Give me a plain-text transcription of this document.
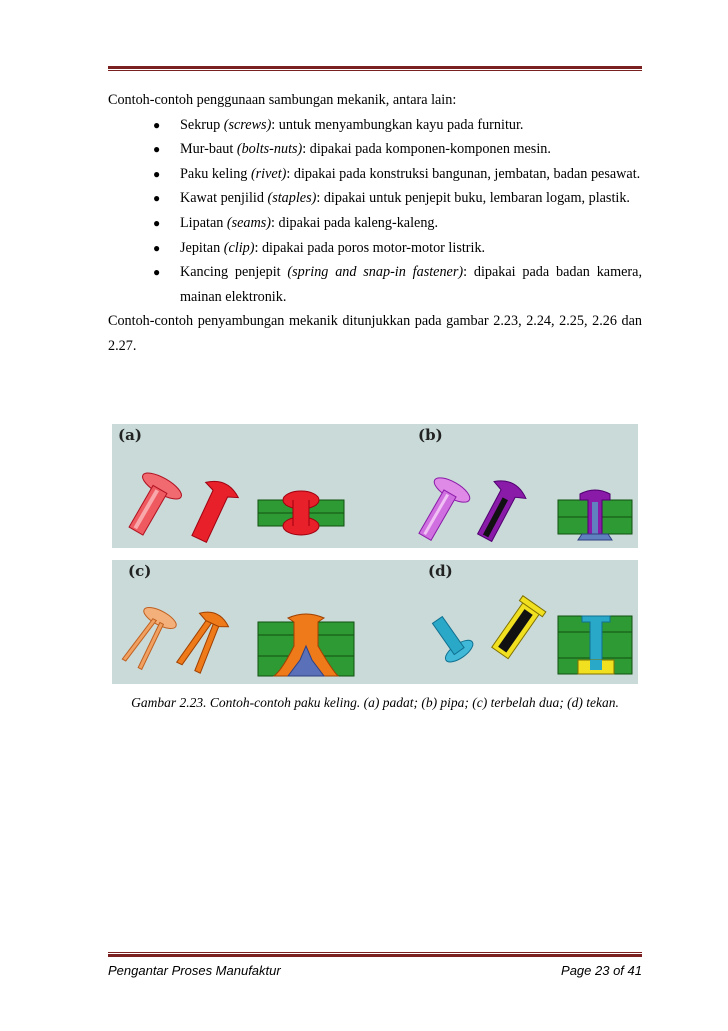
Contoh-contoh penggunaan sambungan mekanik, antara lain:

● Sekrup (screws): untuk menyambungkan kayu pada furnitur.
● Mur-baut (bolts-nuts): dipakai pada komponen-komponen mesin.
● Paku keling (rivet): dipakai pada konstruksi bangunan, jembatan, badan pesawat.
● Kawat penjilid (staples): dipakai untuk penjepit buku, lembaran logam, plastik.
● Lipatan (seams): dipakai pada kaleng-kaleng.
● Jepitan (clip): dipakai pada poros motor-motor listrik.
● Kancing penjepit (spring and snap-in fastener): dipakai pada badan kamera, mainan elektronik.

Contoh-contoh penyambungan mekanik ditunjukkan pada gambar 2.23, 2.24, 2.25, 2.26 dan 2.27.

(a)	(b)
(c)	(d)
Gambar 2.23. Contoh-contoh paku keling. (a) padat; (b) pipa; (c) terbelah dua; (d) tekan.
Pengantar Proses Manufaktur	Page 23 of 41
